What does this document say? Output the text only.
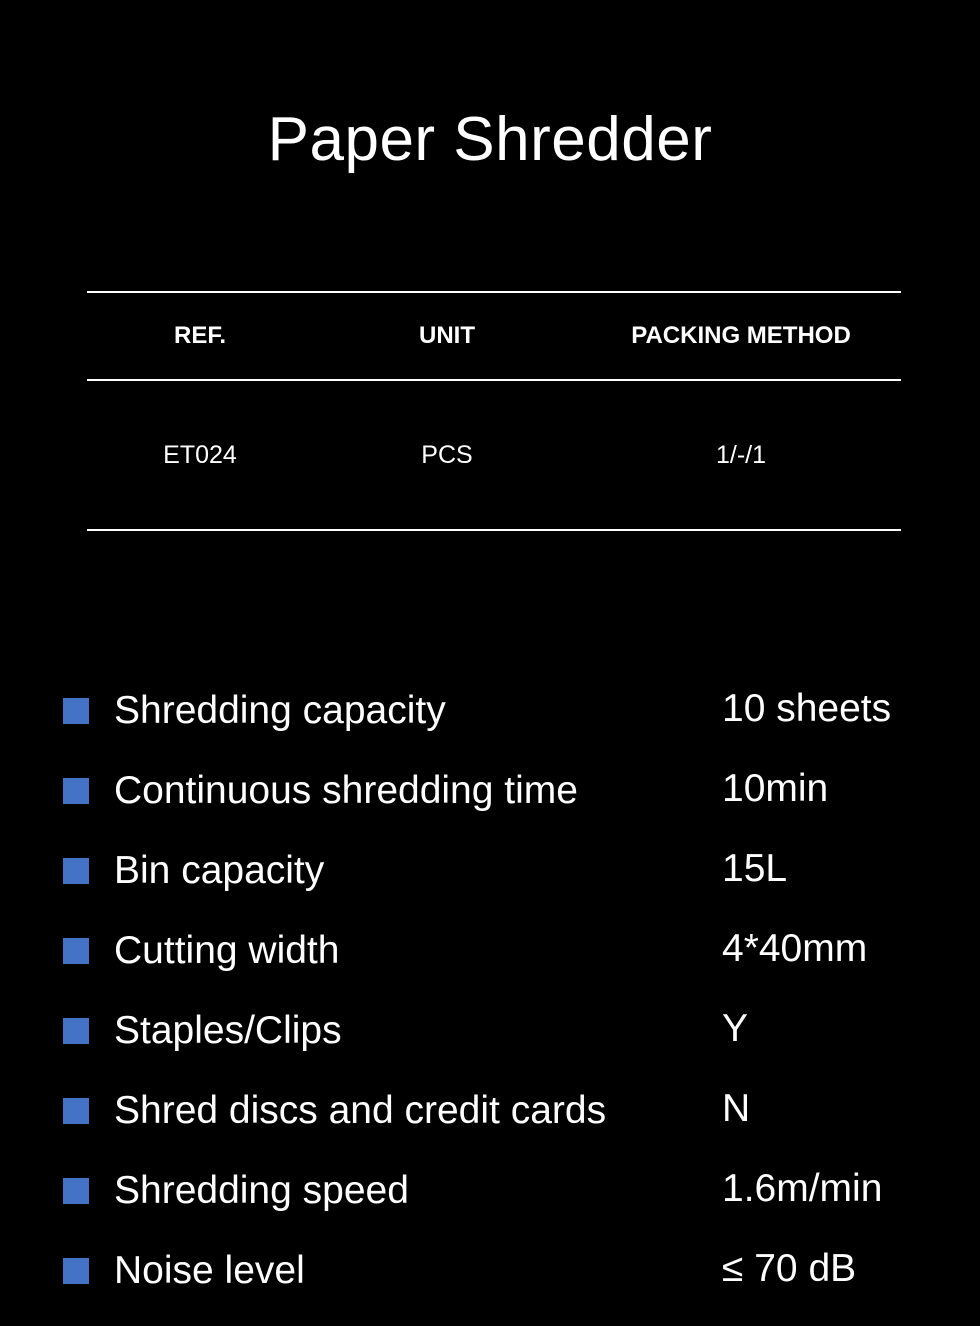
Paper Shredder
REF.	UNIT	PACKING METHOD
ET024	PCS	1/-/1
Shredding capacity	10 sheets
Continuous shredding time	10min
Bin capacity	15L
Cutting width	4*40mm
Staples/Clips	Y
Shred discs and credit cards	N
Shredding speed	1.6m/min
Noise level	≤ 70 dB
